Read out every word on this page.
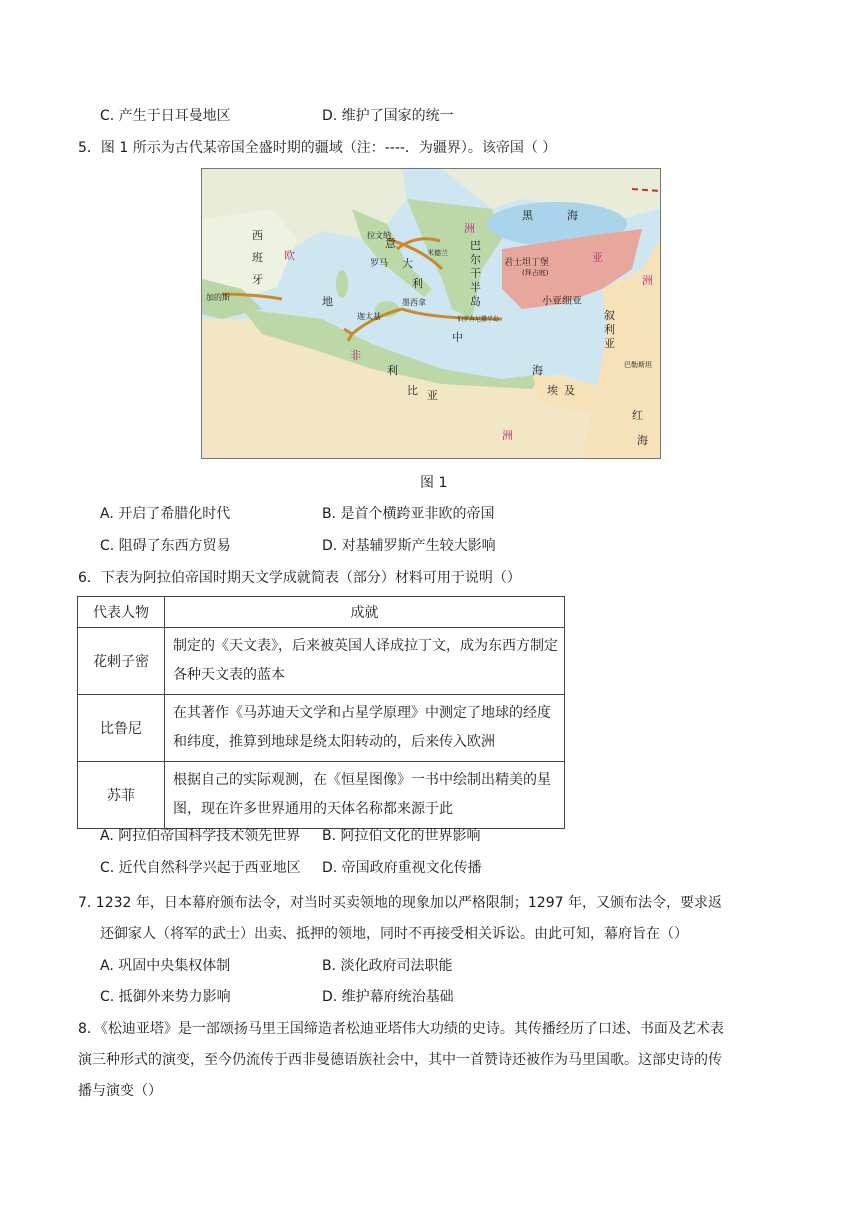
C. 产生于日耳曼地区	D. 维护了国家的统一
5．图 1 所示为古代某帝国全盛时期的疆域（注：----．为疆界）。该帝国（ ）
西
班
牙
欧
加的斯
拉文纳
意
大
利
罗马
米德兰
洲
巴
尔
干
半
岛
伯罗奔尼撒半岛
君士坦丁堡
(拜占庭)
黑	海
亚
洲
小亚细亚
墨西拿
迦太基
地
中
海
非
利
比 亚	埃 及
叙
利
亚
巴勒斯坦
红
海
洲
图 1
A. 开启了希腊化时代	B. 是首个横跨亚非欧的帝国
C. 阻碍了东西方贸易	D. 对基辅罗斯产生较大影响
6．下表为阿拉伯帝国时期天文学成就简表（部分）材料可用于说明（）
代表人物	成就
花剌子密	制定的《天文表》，后来被英国人译成拉丁文，成为东西方制定各种天文表的蓝本
比鲁尼	在其著作《马苏迪天文学和占星学原理》中测定了地球的经度和纬度，推算到地球是绕太阳转动的，后来传入欧洲
苏菲	根据自己的实际观测，在《恒星图像》一书中绘制出精美的星图，现在许多世界通用的天体名称都来源于此
A. 阿拉伯帝国科学技术领先世界 B. 阿拉伯文化的世界影响
C. 近代自然科学兴起于西亚地区 D. 帝国政府重视文化传播
7. 1232 年，日本幕府颁布法令，对当时买卖领地的现象加以严格限制；1297 年，又颁布法令，要求返
还御家人（将军的武士）出卖、抵押的领地，同时不再接受相关诉讼。由此可知，幕府旨在（）
A. 巩固中央集权体制	B. 淡化政府司法职能
C. 抵御外来势力影响	D. 维护幕府统治基础
8．《松迪亚塔》是一部颂扬马里王国缔造者松迪亚塔伟大功绩的史诗。其传播经历了口述、书面及艺术表
演三种形式的演变，至今仍流传于西非曼德语族社会中，其中一首赞诗还被作为马里国歌。这部史诗的传
播与演变（）
